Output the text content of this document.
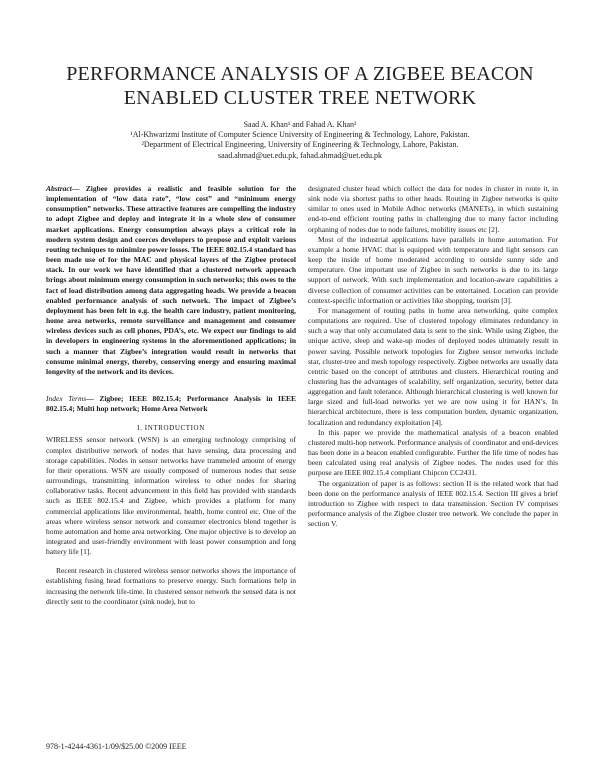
PERFORMANCE ANALYSIS OF A ZIGBEE BEACON
ENABLED CLUSTER TREE NETWORK
Saad A. Khan¹ and Fahad A. Khan²
¹Al-Khwarizmi Institute of Computer Science University of Engineering & Technology, Lahore, Pakistan.
²Department of Electrical Engineering, University of Engineering & Technology, Lahore, Pakistan.
saad.ahmad@uet.edu.pk, fahad.ahmad@uet.edu.pk

Abstract— Zigbee provides a realistic and feasible solution for the implementation of “low data rate”, “low cost” and “minimum energy consumption” networks. These attractive features are compelling the industry to adopt Zigbee and deploy and integrate it in a whole slew of consumer market applications. Energy consumption always plays a critical role in modern system design and coerces developers to propose and exploit various routing techniques to minimize power losses. The IEEE 802.15.4 standard has been made use of for the MAC and physical layers of the Zigbee protocol stack. In our work we have identified that a clustered network approach brings about minimum energy consumption in such networks; this owes to the fact of load distribution among data aggregating heads. We provide a beacon enabled performance analysis of such network. The impact of Zigbee’s deployment has been felt in e.g. the health care industry, patient monitoring, home area networks, remote surveillance and management and consumer wireless devices such as cell phones, PDA’s, etc. We expect our findings to aid in developers in engineering systems in the aforementioned applications; in such a manner that Zigbee’s integration would result in networks that consume minimal energy, thereby, conserving energy and ensuring maximal longevity of the network and its devices.

Index Terms— Zigbee; IEEE 802.15.4; Performance Analysis in IEEE 802.15.4; Multi hop network; Home Area Network

I. INTRODUCTION

WIRELESS sensor network (WSN) is an emerging technology comprising of complex distributive network of nodes that have sensing, data processing and storage capabilities. Nodes in sensor networks have trammeled amount of energy for their operations. WSN are usually composed of numerous nodes that sense surroundings, transmitting information wireless to other nodes for sharing collaborative tasks. Recent advancement in this field has provided with standards such as IEEE 802.15.4 and Zigbee, which provides a platform for many commercial applications like environmental, health, home control etc. One of the areas where wireless sensor network and consumer electronics blend together is home automation and home area networking. One major objective is to develop an integrated and user-friendly environment with least power consumption and long battery life [1].

Recent research in clustered wireless sensor networks shows the importance of establishing fusing head formations to preserve energy. Such formations help in increasing the network life-time. In clustered sensor network the sensed data is not directly sent to the coordinator (sink node), but to

designated cluster head which collect the data for nodes in cluster in route it, in sink node via shortest paths to other heads. Routing in Zigbee networks is quite similar to ones used in Mobile Adhoc networks (MANETs), in which sustaining end-to-end efficient routing paths in challenging due to many factor including orphaning of nodes due to node failures, mobility issues etc [2].

Most of the industrial applications have parallels in home automation. For example a home HVAC that is equipped with temperature and light sensors can keep the inside of home moderated according to outside sunny side and temperature. One important use of Zigbee in such networks is due to its large support of network. With such implementation and location-aware capabilities a diverse collection of consumer activities can be entertained. Location can provide context-specific information or activities like shopping, tourism [3].

For management of routing paths in home area networking, quite complex computations are required. Use of clustered topology eliminates redundancy in such a way that only accumulated data is sent to the sink. While using Zigbee, the unique active, sleep and wake-up modes of deployed nodes ultimately result in power saving. Possible network topologies for Zigbee sensor networks include star, cluster-tree and mesh topology respectively. Zigbee networks are usually data centric based on the concept of attributes and clusters. Hierarchical routing and clustering has the advantages of scalability, self organization, security, better data aggregation and fault tolerance. Although hierarchical clustering is well known for large sized and full-load networks yet we are now using it for HAN’s. In hierarchical architecture, there is less computation burden, dynamic organization, localization and redundancy exploitation [4].

In this paper we provide the mathematical analysis of a beacon enabled clustered multi-hop network. Performance analysis of coordinator and end-devices has been done in a beacon enabled configurable. Further the life time of nodes has been calculated using real analysis of Zigbee nodes. The nodes used for this purpose are IEEE 802.15.4 compliant Chipcon CC2431.

The organization of paper is as follows: section II is the related work that had been done on the performance analysis of IEEE 802.15.4. Section III gives a brief introduction to Zigbee with respect to data transmission. Section IV comprises performance analysis of the Zigbee cluster tree network. We conclude the paper in section V.

978-1-4244-4361-1/09/$25.00 ©2009 IEEE
